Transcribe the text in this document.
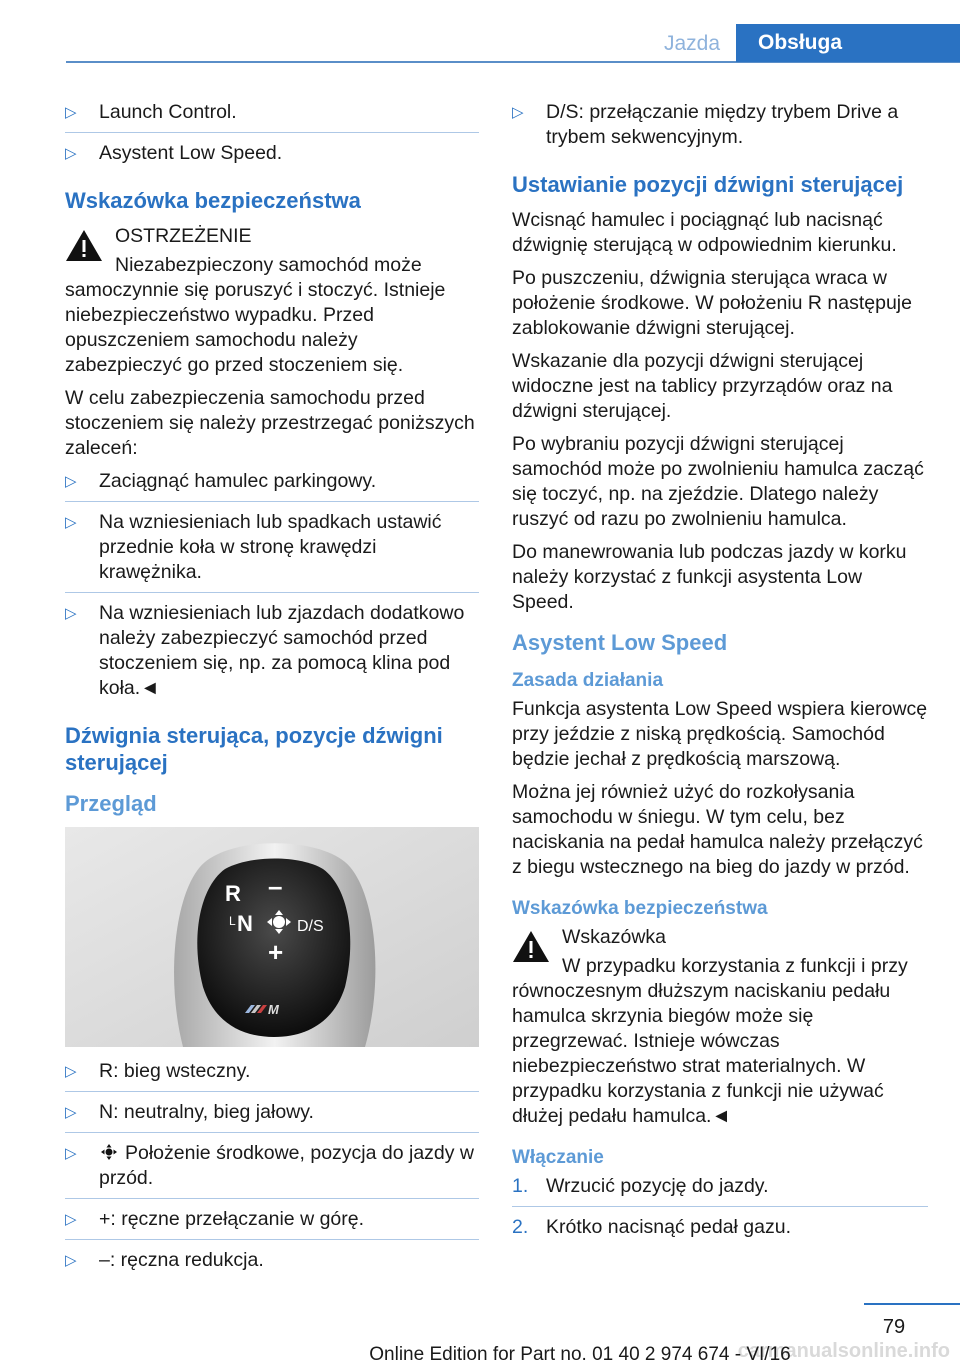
Jazda	Obsługa
▷ Launch Control.
▷ Asystent Low Speed.
Wskazówka bezpieczeństwa

OSTRZEŻENIE

Niezabezpieczony samochód może samoczynnie się poruszyć i stoczyć. Istnieje niebezpieczeństwo wypadku. Przed opuszczeniem samochodu należy zabezpieczyć go przed stoczeniem się.

W celu zabezpieczenia samochodu przed stoczeniem się należy przestrzegać poniższych zaleceń:

▷ Zaciągnąć hamulec parkingowy.
▷ Na wzniesieniach lub spadkach ustawić przednie koła w stronę krawędzi krawężnika.
▷ Na wzniesieniach lub zjazdach dodatkowo należy zabezpieczyć samochód przed stoczeniem się, np. za pomocą klina pod koła.◄
Dźwignia sterująca, pozycje dźwigni sterującej
Przegląd
R –
L N	D/S
+
M
▷ R: bieg wsteczny.
▷ N: neutralny, bieg jałowy.
▷ Położenie środkowe, pozycja do jazdy w przód.
▷ +: ręczne przełączanie w górę.
▷ –: ręczna redukcja.
▷ D/S: przełączanie między trybem Drive a trybem sekwencyjnym.
Ustawianie pozycji dźwigni sterującej

Wcisnąć hamulec i pociągnąć lub nacisnąć dźwignię sterującą w odpowiednim kierunku.

Po puszczeniu, dźwignia sterująca wraca w położenie środkowe. W położeniu R następuje zablokowanie dźwigni sterującej.

Wskazanie dla pozycji dźwigni sterującej widoczne jest na tablicy przyrządów oraz na dźwigni sterującej.

Po wybraniu pozycji dźwigni sterującej samochód może po zwolnieniu hamulca zacząć się toczyć, np. na zjeździe. Dlatego należy ruszyć od razu po zwolnieniu hamulca.

Do manewrowania lub podczas jazdy w korku należy korzystać z funkcji asystenta Low Speed.

Asystent Low Speed
Zasada działania

Funkcja asystenta Low Speed wspiera kierowcę przy jeździe z niską prędkością. Samochód będzie jechał z prędkością marszową.

Można jej również użyć do rozkołysania samochodu w śniegu. W tym celu, bez naciskania na pedał hamulca należy przełączyć z biegu wstecznego na bieg do jazdy w przód.

Wskazówka bezpieczeństwa

Wskazówka

W przypadku korzystania z funkcji i przy równoczesnym dłuższym naciskaniu pedału hamulca skrzynia biegów może się przegrzewać. Istnieje wówczas niebezpieczeństwo strat materialnych. W przypadku korzystania z funkcji nie używać dłużej pedału hamulca.◄

Włączanie
1. Wrzucić pozycję do jazdy.
2. Krótko nacisnąć pedał gazu.
79
carmanualsonline.info
Online Edition for Part no. 01 40 2 974 674 - VI/16
